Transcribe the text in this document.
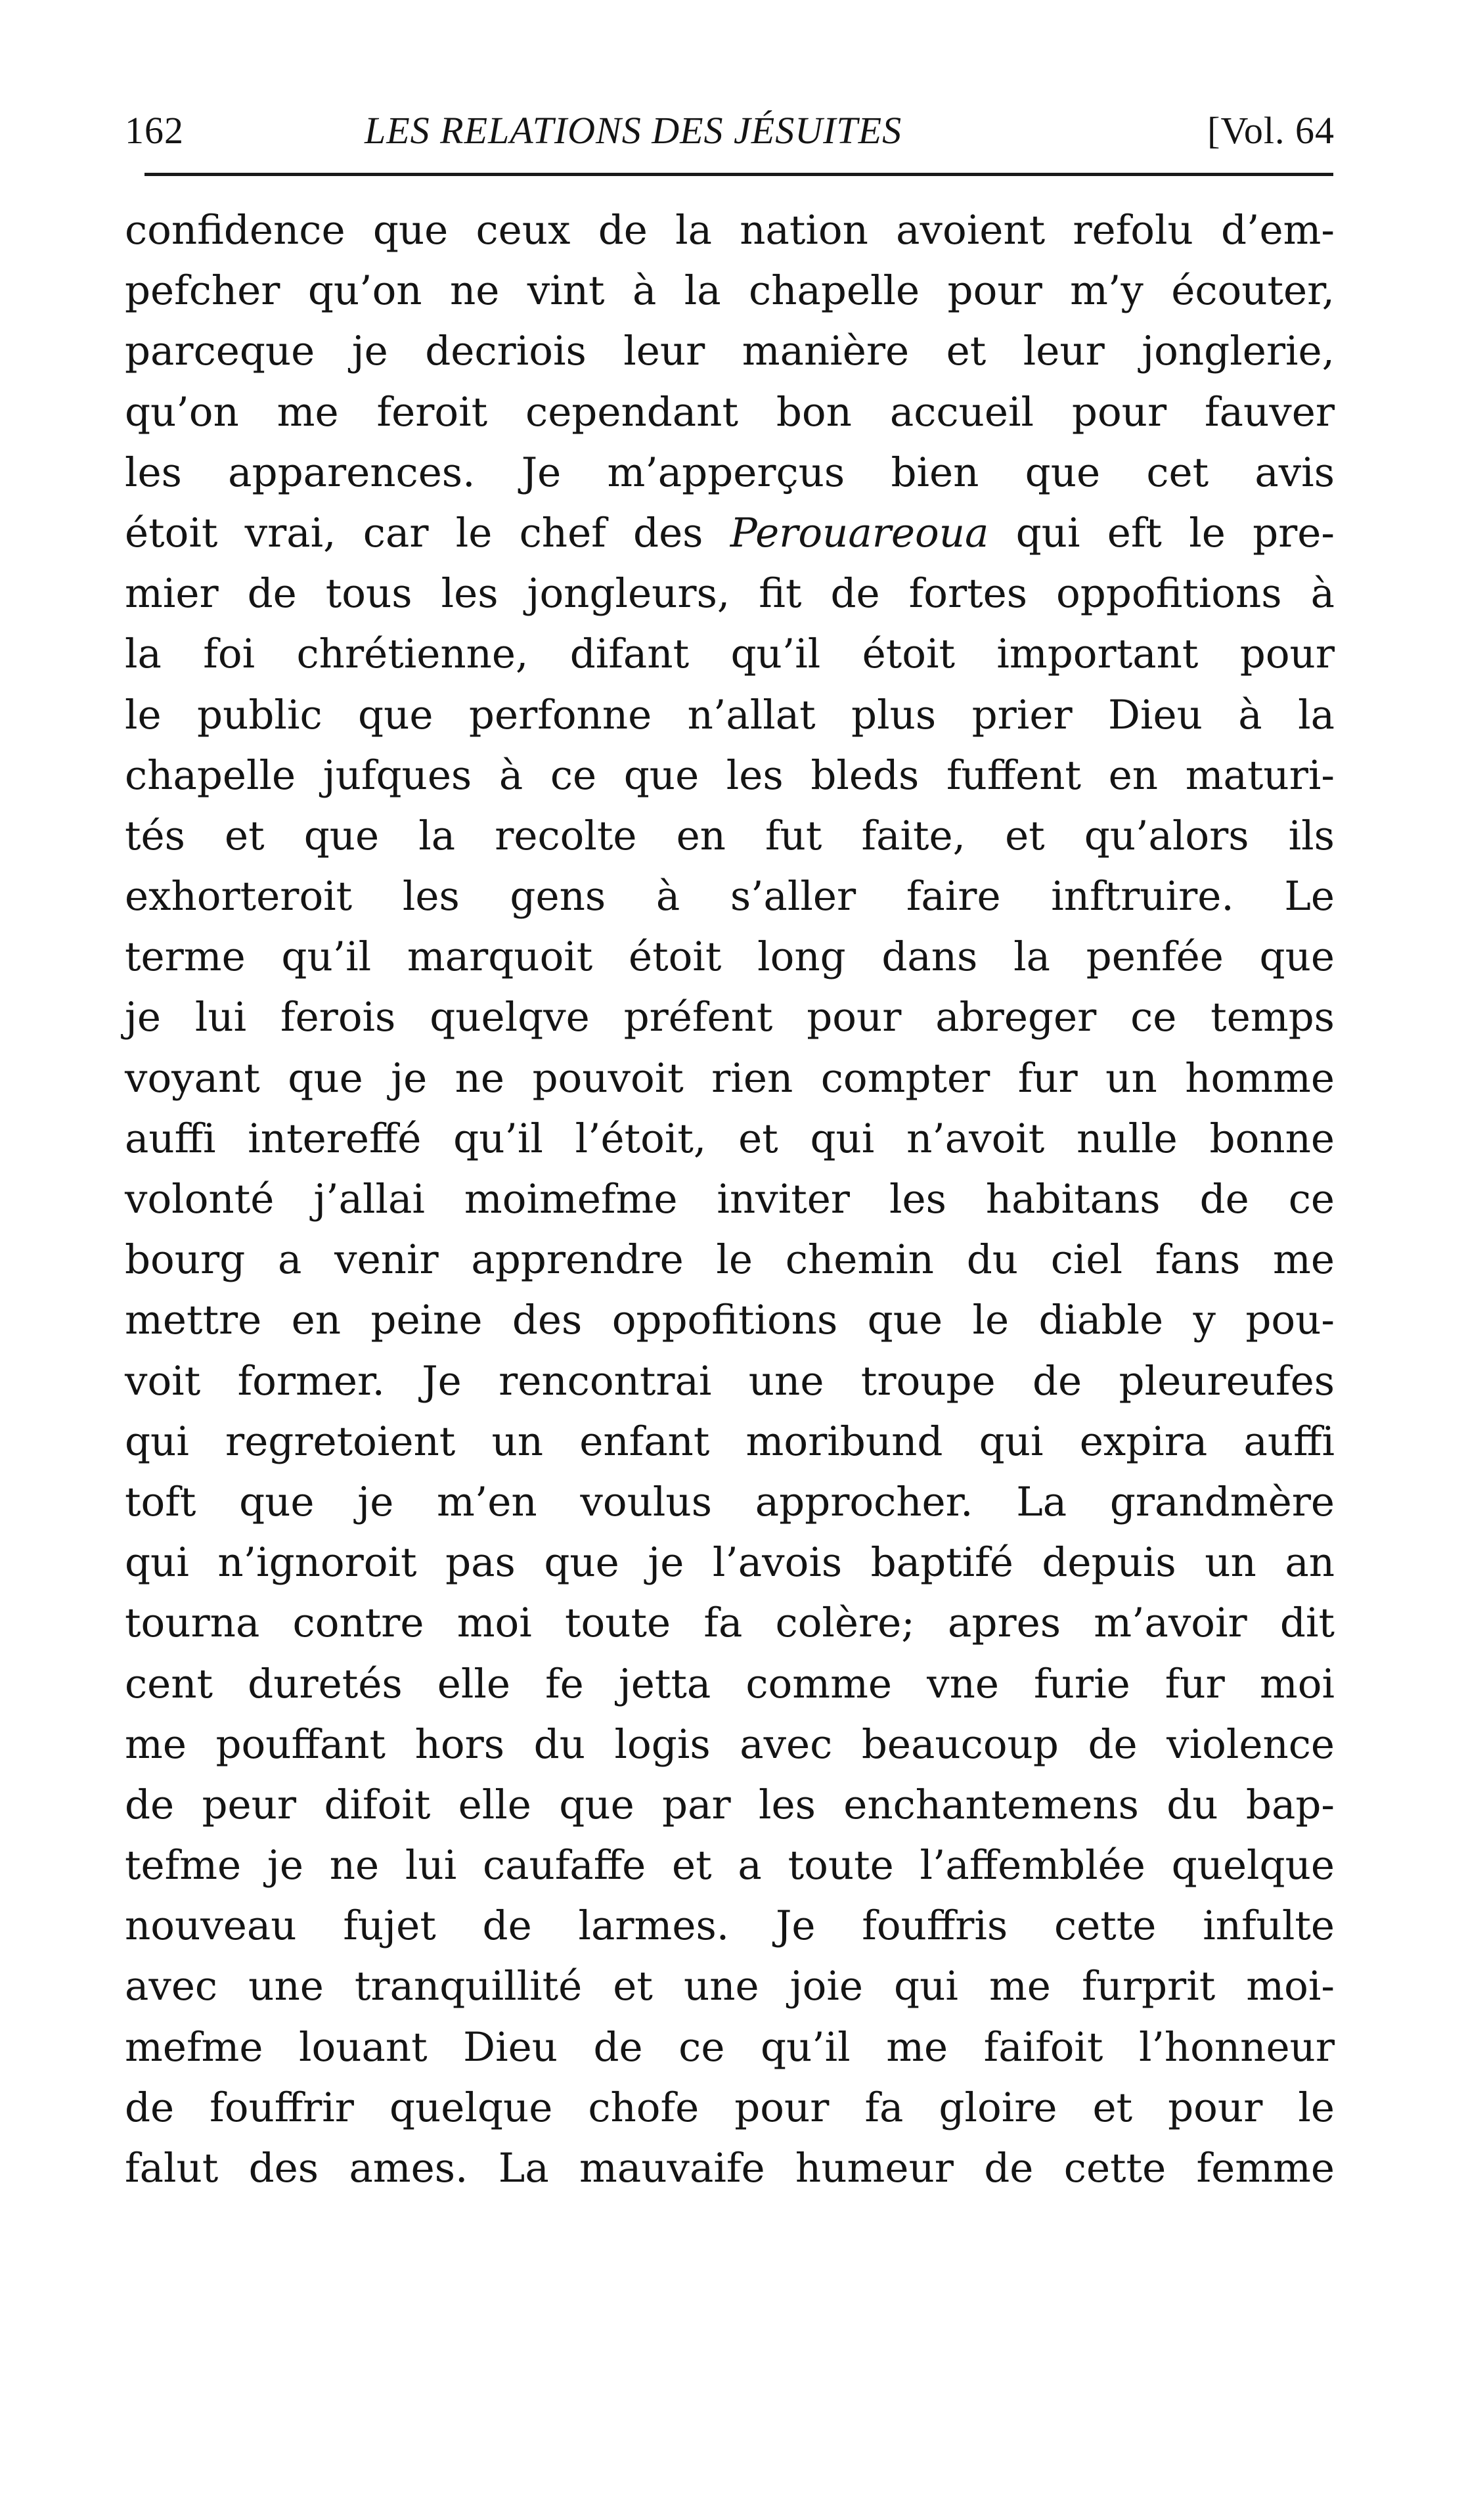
162	LES RELATIONS DES JÉSUITES	[Vol. 64
confidence que ceux de la nation avoient refolu d’em-
pefcher qu’on ne vint à la chapelle pour m’y écouter,
parceque je decriois leur manière et leur jonglerie,
qu’on me feroit cependant bon accueil pour fauver
les apparences. Je m’apperçus bien que cet avis
étoit vrai, car le chef des Perouareoua qui eft le pre-
mier de tous les jongleurs, fit de fortes oppofitions à
la foi chrétienne, difant qu’il étoit important pour
le public que perfonne n’allat plus prier Dieu à la
chapelle jufques à ce que les bleds fuffent en maturi-
tés et que la recolte en fut faite, et qu’alors ils
exhorteroit les gens à s’aller faire inftruire. Le
terme qu’il marquoit étoit long dans la penfée que
je lui ferois quelqve préfent pour abreger ce temps
voyant que je ne pouvoit rien compter fur un homme
auffi intereffé qu’il l’étoit, et qui n’avoit nulle bonne
volonté j’allai moimefme inviter les habitans de ce
bourg a venir apprendre le chemin du ciel fans me
mettre en peine des oppofitions que le diable y pou-
voit former. Je rencontrai une troupe de pleureufes
qui regretoient un enfant moribund qui expira auffi
toft que je m’en voulus approcher. La grandmère
qui n’ignoroit pas que je l’avois baptifé depuis un an
tourna contre moi toute fa colère; apres m’avoir dit
cent duretés elle fe jetta comme vne furie fur moi
me pouffant hors du logis avec beaucoup de violence
de peur difoit elle que par les enchantemens du bap-
tefme je ne lui caufaffe et a toute l’affemblée quelque
nouveau fujet de larmes. Je fouffris cette infulte
avec une tranquillité et une joie qui me furprit moi-
mefme louant Dieu de ce qu’il me faifoit l’honneur
de fouffrir quelque chofe pour fa gloire et pour le
falut des ames. La mauvaife humeur de cette femme
